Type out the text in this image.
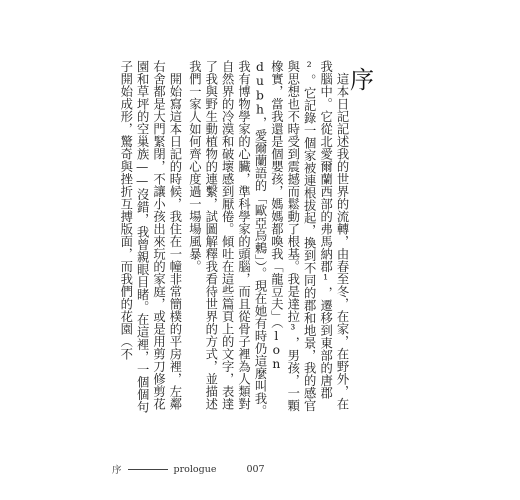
序

　這本日記記述我的世界的流轉，由春至冬，在家，在野外，在我腦中。它從北愛爾蘭西部的弗馬納郡¹，遷移到東部的唐郡²。它記錄一個家被連根拔起，換到不同的郡和地景，我的感官與思想也不時受到震撼而鬆動了根基。我是達拉³，男孩，一顆橡實，當我還是個嬰孩，媽媽都喚我「龍豆夫」（lon dubh，愛爾蘭語的「歐亞烏鶇」）。現在她有時仍這麼叫我。我有博物學家的心臟，準科學家的頭腦，而且從骨子裡為人類對自然界的冷漠和破壞感到厭倦。傾吐在這些篇頁上的文字，表達了我與野生動植物的連繫，試圖解釋我看待世界的方式，並描述我們一家人如何齊心度過一場場風暴。

　開始寫這本日記的時候，我住在一幢非常簡樸的平房裡，左鄰右舍都是大門緊閉，不讓小孩出來玩的家庭，或是用剪刀修剪花園和草坪的空巢族——沒錯，我曾親眼目睹。在這裡，一個個句子開始成形，驚奇與挫折互搏版面，而我們的花園（不

序	prologue	007
